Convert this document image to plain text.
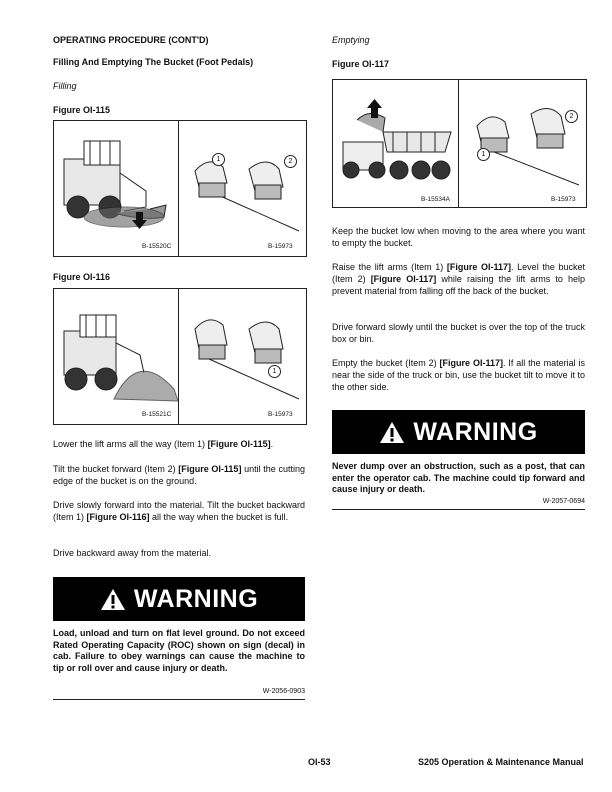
OPERATING PROCEDURE (CONT'D)
Filling And Emptying The Bucket (Foot Pedals)
Filling
Figure OI-115
1	2
B-15520C	B-15973
Figure OI-116
1
B-15521C	B-15973
Lower the lift arms all the way (Item 1) [Figure OI-115].
Tilt the bucket forward (Item 2) [Figure OI-115] until the cutting edge of the bucket is on the ground.
Drive slowly forward into the material. Tilt the bucket backward (Item 1) [Figure OI-116] all the way when the bucket is full.
Drive backward away from the material.
WARNING
Load, unload and turn on flat level ground. Do not exceed Rated Operating Capacity (ROC) shown on sign (decal) in cab. Failure to obey warnings can cause the machine to tip or roll over and cause injury or death.
W-2056-0903
Emptying
Figure OI-117
1
2
B-15534A	B-15973
Keep the bucket low when moving to the area where you want to empty the bucket.
Raise the lift arms (Item 1) [Figure OI-117]. Level the bucket (Item 2) [Figure OI-117] while raising the lift arms to help prevent material from falling off the back of the bucket.
Drive forward slowly until the bucket is over the top of the truck box or bin.
Empty the bucket (Item 2) [Figure OI-117]. If all the material is near the side of the truck or bin, use the bucket tilt to move it to the other side.
WARNING
Never dump over an obstruction, such as a post, that can enter the operator cab. The machine could tip forward and cause injury or death.
W-2057-0694
OI-53	S205 Operation & Maintenance Manual
